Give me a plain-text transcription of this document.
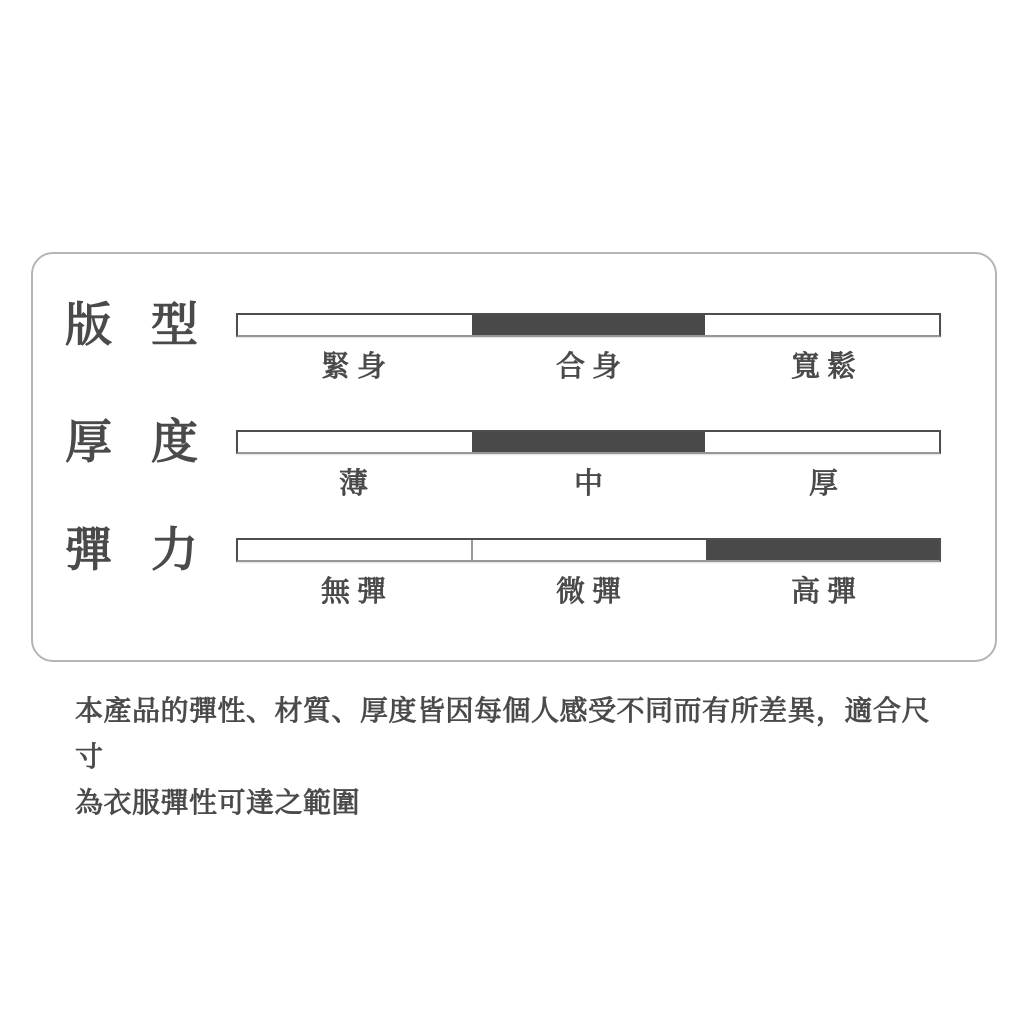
版 型
緊身	合身	寬鬆
厚 度
薄	中	厚
彈 力
無彈	微彈	高彈
本產品的彈性、材質、厚度皆因每個人感受不同而有所差異，適合尺寸
為衣服彈性可達之範圍
